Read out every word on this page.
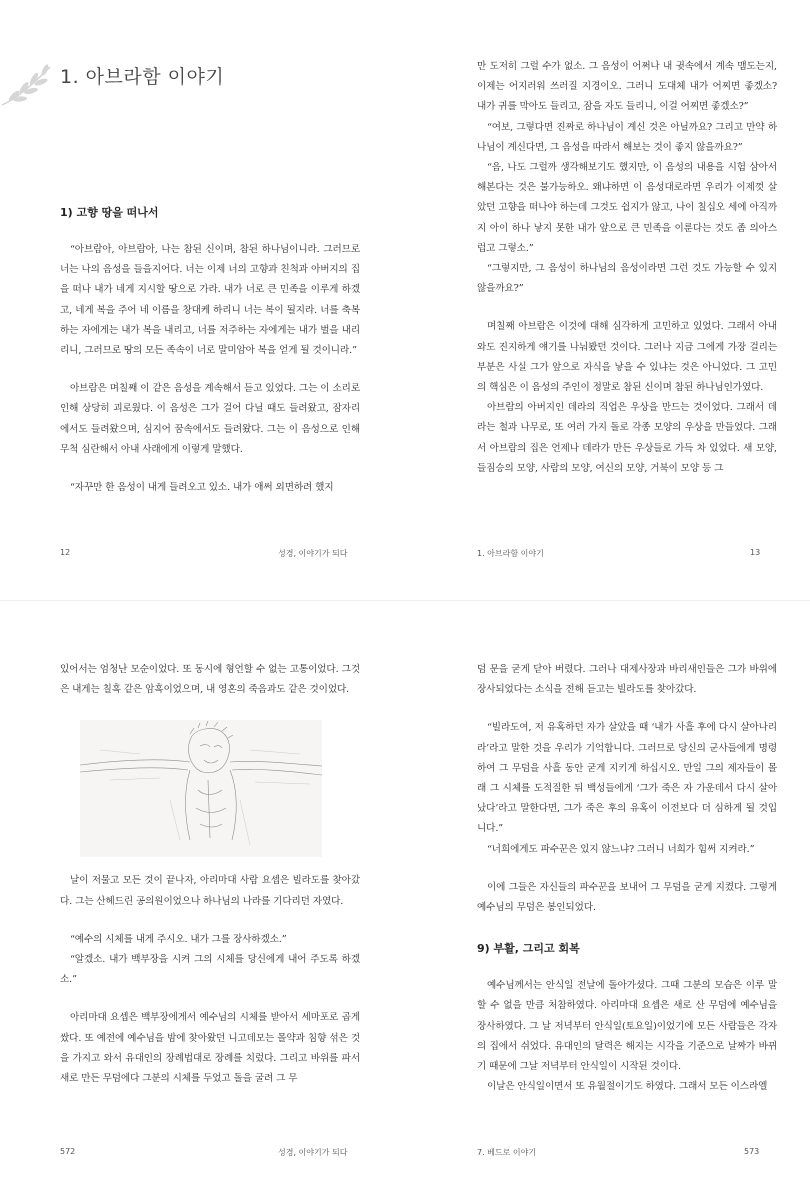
1. 아브라함 이야기

1) 고향 땅을 떠나서

“아브람아, 아브람아, 나는 참된 신이며, 참된 하나님이니라. 그러므로 너는 나의 음성을 들을지어다. 너는 이제 너의 고향과 친척과 아버지의 집을 떠나 내가 네게 지시할 땅으로 가라. 내가 너로 큰 민족을 이루게 하겠고, 네게 복을 주어 네 이름을 창대케 하리니 너는 복이 될지라. 너를 축복하는 자에게는 내가 복을 내리고, 너를 저주하는 자에게는 내가 벌을 내리리니, 그러므로 땅의 모든 족속이 너로 말미암아 복을 얻게 될 것이니라.”

아브람은 며칠째 이 같은 음성을 계속해서 듣고 있었다. 그는 이 소리로 인해 상당히 괴로웠다. 이 음성은 그가 걸어 다닐 때도 들려왔고, 잠자리에서도 들려왔으며, 심지어 꿈속에서도 들려왔다. 그는 이 음성으로 인해 무척 심란해서 아내 사래에게 이렇게 말했다.

“자꾸만 한 음성이 내게 들려오고 있소. 내가 애써 외면하려 했지

12	성경, 이야기가 되다

만 도저히 그럴 수가 없소. 그 음성이 어쩌나 내 귓속에서 계속 맴도는지, 이제는 어지러워 쓰러질 지경이오. 그러니 도대체 내가 어찌면 좋겠소? 내가 귀를 막아도 들리고, 잠을 자도 들리니, 이걸 어찌면 좋겠소?”

“여보, 그렇다면 진짜로 하나님이 계신 것은 아닐까요? 그리고 만약 하나님이 계신다면, 그 음성을 따라서 해보는 것이 좋지 않을까요?”

“음, 나도 그럴까 생각해보기도 했지만, 이 음성의 내용을 시험 삼아서 해본다는 것은 불가능하오. 왜냐하면 이 음성대로라면 우리가 이제껏 살았던 고향을 떠나야 하는데 그것도 쉽지가 않고, 나이 칠십오 세에 아직까지 아이 하나 낳지 못한 내가 앞으로 큰 민족을 이룬다는 것도 좀 의아스럽고 그렇소.”

“그렇지만, 그 음성이 하나님의 음성이라면 그런 것도 가능할 수 있지 않을까요?”

며칠째 아브람은 이것에 대해 심각하게 고민하고 있었다. 그래서 아내와도 진지하게 얘기를 나눠봤던 것이다. 그러나 지금 그에게 가장 걸리는 부분은 사실 그가 앞으로 자식을 낳을 수 있냐는 것은 아니었다. 그 고민의 핵심은 이 음성의 주인이 정말로 참된 신이며 참된 하나님인가였다.

아브람의 아버지인 데라의 직업은 우상을 만드는 것이었다. 그래서 데라는 철과 나무로, 또 여러 가지 돌로 각종 모양의 우상을 만들었다. 그래서 아브람의 집은 언제나 데라가 만든 우상들로 가득 차 있었다. 새 모양, 들짐승의 모양, 사람의 모양, 여신의 모양, 거북이 모양 등 그

1. 아브라함 이야기	13

있어서는 엄청난 모순이었다. 또 동시에 형언할 수 없는 고통이었다. 그것은 내게는 칠흑 같은 암흑이었으며, 내 영혼의 죽음과도 같은 것이었다.

날이 저물고 모든 것이 끝나자, 아리마대 사람 요셉은 빌라도를 찾아갔다. 그는 산헤드린 공의원이었으나 하나님의 나라를 기다리던 자였다.

“예수의 시체를 내게 주시오. 내가 그를 장사하겠소.”

“알겠소. 내가 백부장을 시켜 그의 시체를 당신에게 내어 주도록 하겠소.”

아리마대 요셉은 백부장에게서 예수님의 시체를 받아서 세마포로 곱게 쌌다. 또 예전에 예수님을 밤에 찾아왔던 니고데모는 몰약과 침향 섞은 것을 가지고 와서 유대인의 장례법대로 장례를 치렀다. 그리고 바위를 파서 새로 만든 무덤에다 그분의 시체를 두었고 돌을 굴려 그 무

572	성경, 이야기가 되다

덤 문을 굳게 닫아 버렸다. 그러나 대제사장과 바리새인들은 그가 바위에 장사되었다는 소식을 전해 듣고는 빌라도를 찾아갔다.

“빌라도여, 저 유혹하던 자가 살았을 때 ‘내가 사흘 후에 다시 살아나리라’라고 말한 것을 우리가 기억합니다. 그러므로 당신의 군사들에게 명령하여 그 무덤을 사흘 동안 굳게 지키게 하십시오. 만일 그의 제자들이 몰래 그 시체를 도적질한 뒤 백성들에게 ‘그가 죽은 자 가운데서 다시 살아났다’라고 말한다면, 그가 죽은 후의 유혹이 이전보다 더 심하게 될 것입니다.”

“너희에게도 파수꾼은 있지 않느냐? 그러니 너희가 힘써 지켜라.”

이에 그들은 자신들의 파수꾼을 보내어 그 무덤을 굳게 지켰다. 그렇게 예수님의 무덤은 봉인되었다.

9) 부활, 그리고 회복

예수님께서는 안식일 전날에 돌아가셨다. 그때 그분의 모습은 이루 말할 수 없을 만큼 처참하였다. 아리마대 요셉은 새로 산 무덤에 예수님을 장사하였다. 그 날 저녁부터 안식일(토요일)이었기에 모든 사람들은 각자의 집에서 쉬었다. 유대인의 달력은 해지는 시각을 기준으로 날짜가 바뀌기 때문에 그날 저녁부터 안식일이 시작된 것이다.

이날은 안식일이면서 또 유월절이기도 하였다. 그래서 모든 이스라엘

7. 베드로 이야기	573
